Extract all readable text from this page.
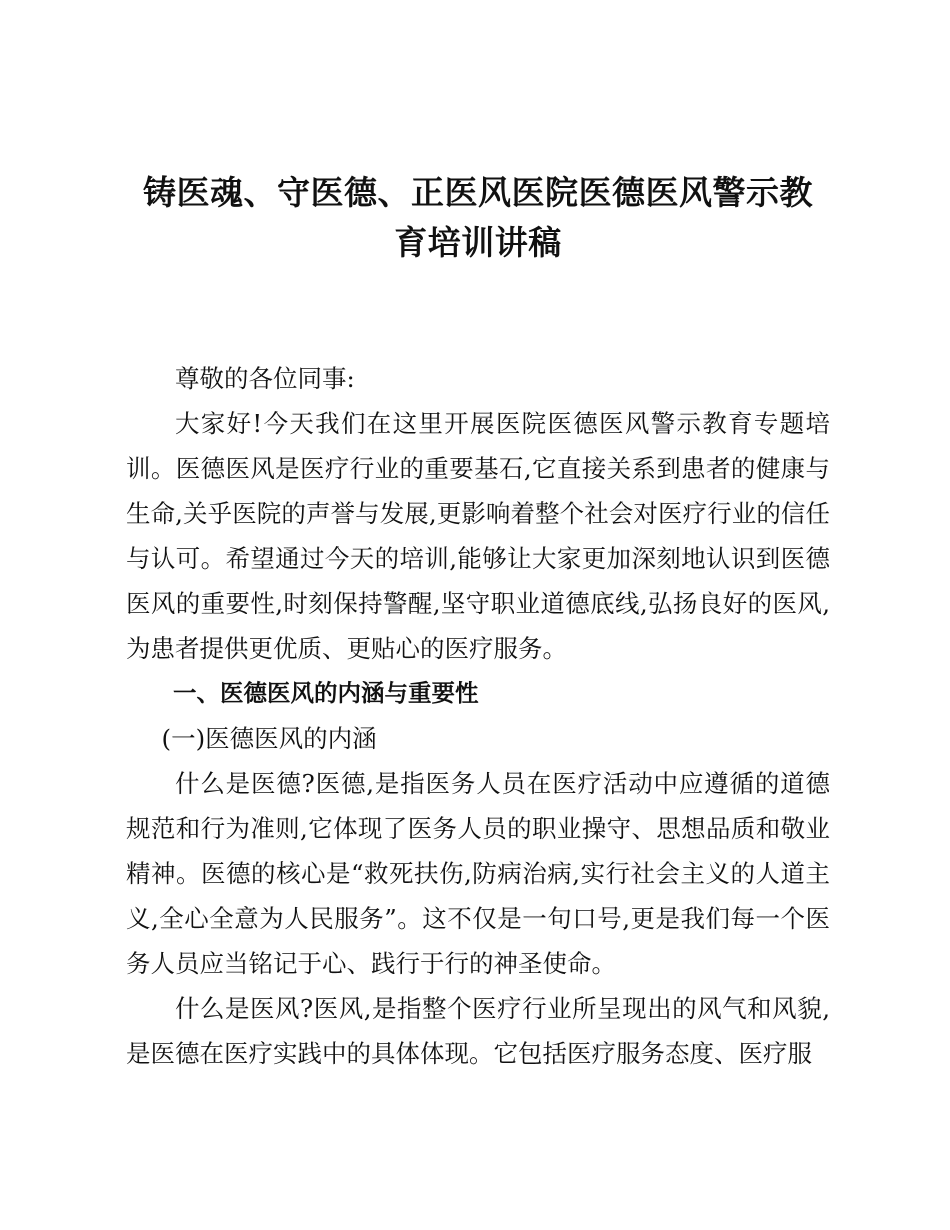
铸医魂、守医德、正医风医院医德医风警示教
育培训讲稿

尊敬的各位同事:

大家好!今天我们在这里开展医院医德医风警示教育专题培训。医德医风是医疗行业的重要基石,它直接关系到患者的健康与生命,关乎医院的声誉与发展,更影响着整个社会对医疗行业的信任与认可。希望通过今天的培训,能够让大家更加深刻地认识到医德医风的重要性,时刻保持警醒,坚守职业道德底线,弘扬良好的医风,为患者提供更优质、更贴心的医疗服务。

一、医德医风的内涵与重要性

(一)医德医风的内涵

什么是医德?医德,是指医务人员在医疗活动中应遵循的道德规范和行为准则,它体现了医务人员的职业操守、思想品质和敬业精神。医德的核心是“救死扶伤,防病治病,实行社会主义的人道主义,全心全意为人民服务”。这不仅是一句口号,更是我们每一个医务人员应当铭记于心、践行于行的神圣使命。

什么是医风?医风,是指整个医疗行业所呈现出的风气和风貌,是医德在医疗实践中的具体体现。它包括医疗服务态度、医疗服
